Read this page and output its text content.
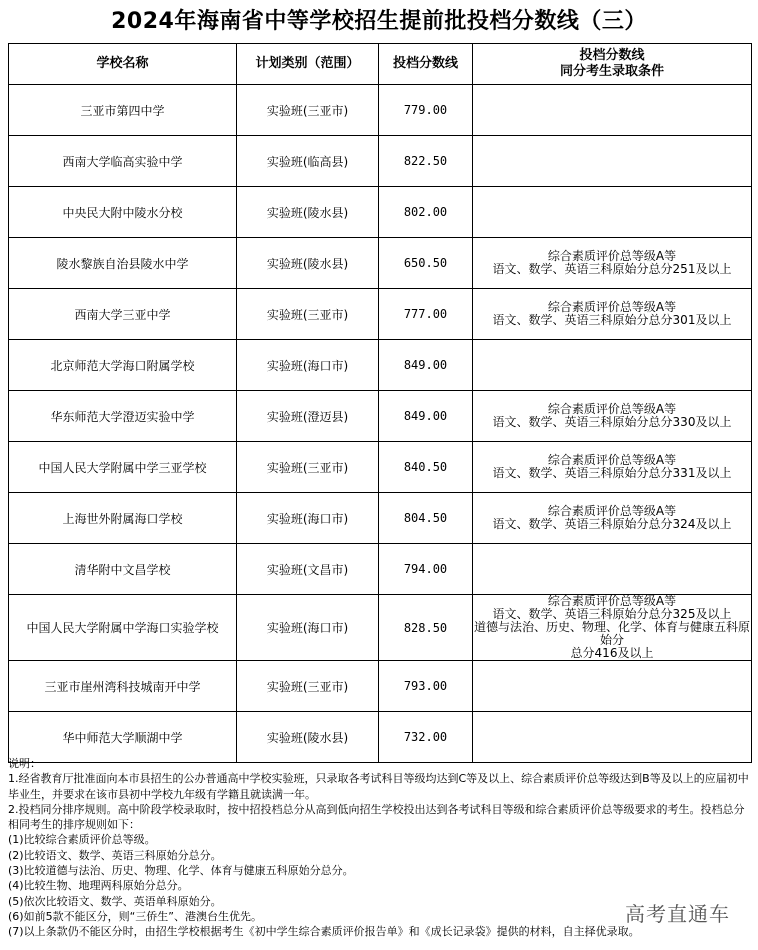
2024年海南省中等学校招生提前批投档分数线（三）
学校名称	计划类别（范围）	投档分数线	投档分数线
同分考生录取条件

三亚市第四中学	实验班(三亚市)	779.00	
西南大学临高实验中学	实验班(临高县)	822.50	
中央民大附中陵水分校	实验班(陵水县)	802.00	
陵水黎族自治县陵水中学	实验班(陵水县)	650.50	综合素质评价总等级A等
语文、数学、英语三科原始分总分251及以上

西南大学三亚中学	实验班(三亚市)	777.00	综合素质评价总等级A等
语文、数学、英语三科原始分总分301及以上

北京师范大学海口附属学校	实验班(海口市)	849.00	
华东师范大学澄迈实验中学	实验班(澄迈县)	849.00	综合素质评价总等级A等
语文、数学、英语三科原始分总分330及以上

中国人民大学附属中学三亚学校	实验班(三亚市)	840.50	综合素质评价总等级A等
语文、数学、英语三科原始分总分331及以上

上海世外附属海口学校	实验班(海口市)	804.50	综合素质评价总等级A等
语文、数学、英语三科原始分总分324及以上

清华附中文昌学校	实验班(文昌市)	794.00	
中国人民大学附属中学海口实验学校	实验班(海口市)	828.50	综合素质评价总等级A等
语文、数学、英语三科原始分总分325及以上
道德与法治、历史、物理、化学、体育与健康五科原始分
总分416及以上

三亚市崖州湾科技城南开中学	实验班(三亚市)	793.00	
华中师范大学顺湖中学	实验班(陵水县)	732.00	
说明：
1.经省教育厅批准面向本市县招生的公办普通高中学校实验班，只录取各考试科目等级均达到C等及以上、综合素质评价总等级达到B等及以上的应届初中毕业生，并要求在该市县初中学校九年级有学籍且就读满一年。
2.投档同分排序规则。高中阶段学校录取时，按中招投档总分从高到低向招生学校投出达到各考试科目等级和综合素质评价总等级要求的考生。投档总分相同考生的排序规则如下：
(1)比较综合素质评价总等级。
(2)比较语文、数学、英语三科原始分总分。
(3)比较道德与法治、历史、物理、化学、体育与健康五科原始分总分。
(4)比较生物、地理两科原始分总分。
(5)依次比较语文、数学、英语单科原始分。
(6)如前5款不能区分，则“三侨生”、港澳台生优先。
(7)以上条款仍不能区分时，由招生学校根据考生《初中学生综合素质评价报告单》和《成长记录袋》提供的材料，自主择优录取。
高考直通车
